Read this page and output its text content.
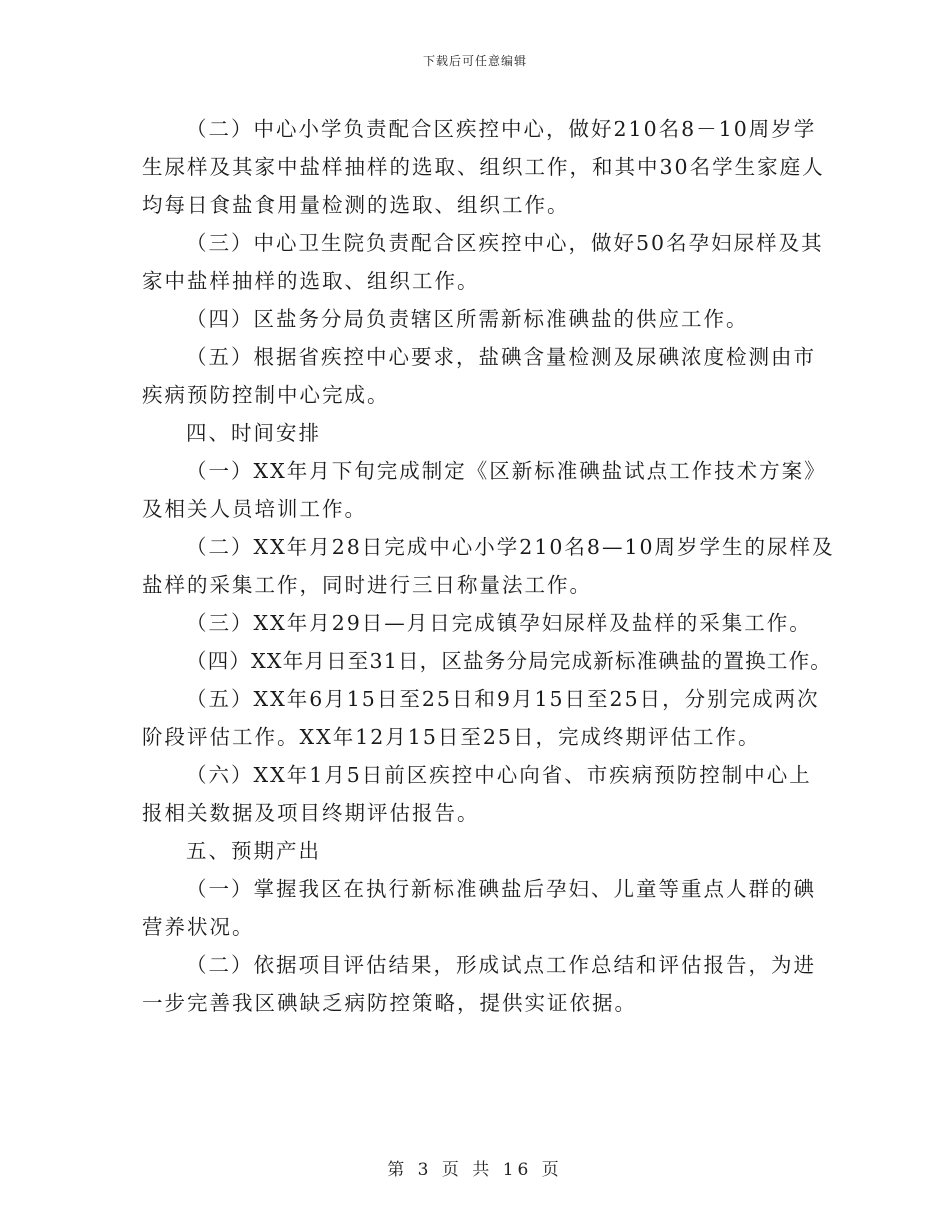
下载后可任意编辑
（二）中心小学负责配合区疾控中心，做好210名8－10周岁学
生尿样及其家中盐样抽样的选取、组织工作，和其中30名学生家庭人
均每日食盐食用量检测的选取、组织工作。
（三）中心卫生院负责配合区疾控中心，做好50名孕妇尿样及其
家中盐样抽样的选取、组织工作。
（四）区盐务分局负责辖区所需新标准碘盐的供应工作。
（五）根据省疾控中心要求，盐碘含量检测及尿碘浓度检测由市
疾病预防控制中心完成。
四、时间安排
（一）XX年月下旬完成制定《区新标准碘盐试点工作技术方案》
及相关人员培训工作。
（二）XX年月28日完成中心小学210名8—10周岁学生的尿样及
盐样的采集工作，同时进行三日称量法工作。
（三）XX年月29日—月日完成镇孕妇尿样及盐样的采集工作。
（四）XX年月日至31日，区盐务分局完成新标准碘盐的置换工作。
（五）XX年6月15日至25日和9月15日至25日，分别完成两次
阶段评估工作。XX年12月15日至25日，完成终期评估工作。
（六）XX年1月5日前区疾控中心向省、市疾病预防控制中心上
报相关数据及项目终期评估报告。
五、预期产出
（一）掌握我区在执行新标准碘盐后孕妇、儿童等重点人群的碘
营养状况。
（二）依据项目评估结果，形成试点工作总结和评估报告，为进
一步完善我区碘缺乏病防控策略，提供实证依据。
第 3 页 共 16 页
